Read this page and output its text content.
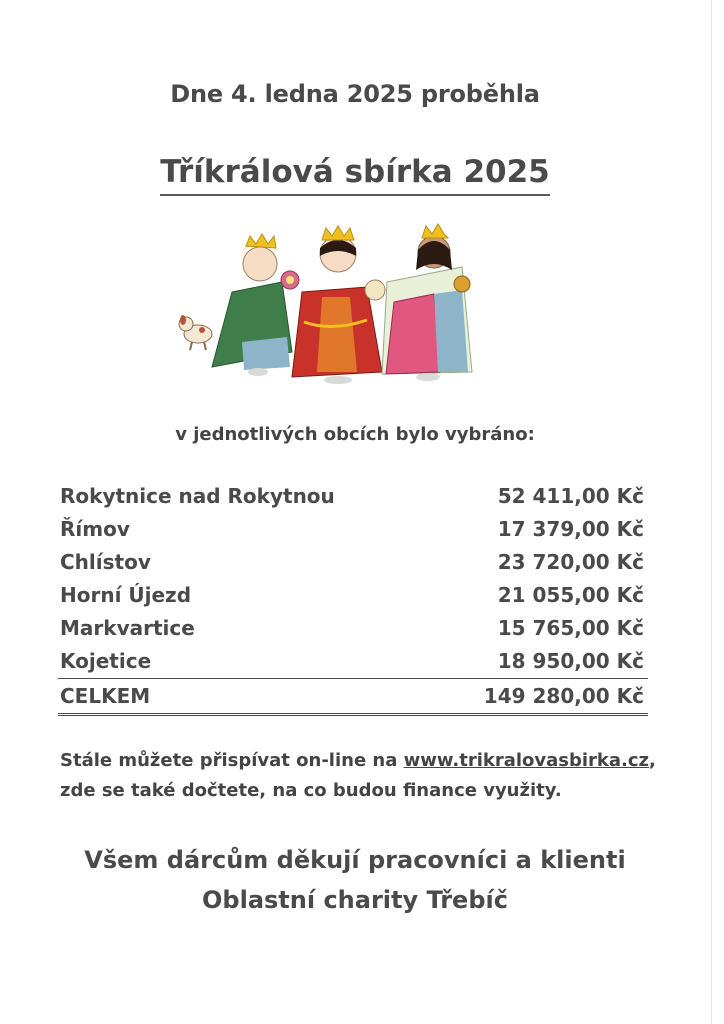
Dne 4. ledna 2025 proběhla
Tříkrálová sbírka 2025
v jednotlivých obcích bylo vybráno:
Rokytnice nad Rokytnou	52 411,00 Kč
Římov	17 379,00 Kč
Chlístov	23 720,00 Kč
Horní Újezd	21 055,00 Kč
Markvartice	15 765,00 Kč
Kojetice	18 950,00 Kč
CELKEM	149 280,00 Kč
Stále můžete přispívat on-line na www.trikralovasbirka.cz,
zde se také dočtete, na co budou finance využity.
Všem dárcům děkují pracovníci a klienti
Oblastní charity Třebíč
